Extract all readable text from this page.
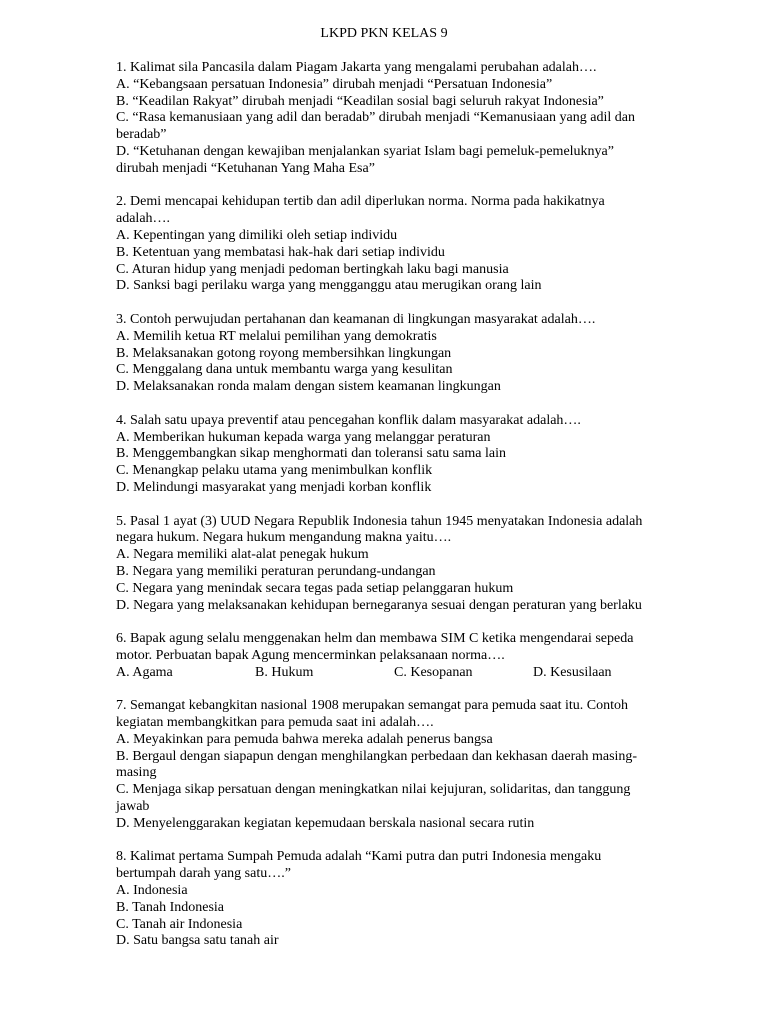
LKPD PKN KELAS 9

1. Kalimat sila Pancasila dalam Piagam Jakarta yang mengalami perubahan adalah….

A. “Kebangsaan persatuan Indonesia” dirubah menjadi “Persatuan Indonesia”

B. “Keadilan Rakyat” dirubah menjadi “Keadilan sosial bagi seluruh rakyat Indonesia”

C. “Rasa kemanusiaan yang adil dan beradab” dirubah menjadi “Kemanusiaan yang adil dan beradab”

D. “Ketuhanan dengan kewajiban menjalankan syariat Islam bagi pemeluk-pemeluknya” dirubah menjadi “Ketuhanan Yang Maha Esa”

2. Demi mencapai kehidupan tertib dan adil diperlukan norma. Norma pada hakikatnya adalah….

A. Kepentingan yang dimiliki oleh setiap individu

B. Ketentuan yang membatasi hak-hak dari setiap individu

C. Aturan hidup yang menjadi pedoman bertingkah laku bagi manusia

D. Sanksi bagi perilaku warga yang mengganggu atau merugikan orang lain

3. Contoh perwujudan pertahanan dan keamanan di lingkungan masyarakat adalah….

A. Memilih ketua RT melalui pemilihan yang demokratis

B. Melaksanakan gotong royong membersihkan lingkungan

C. Menggalang dana untuk membantu warga yang kesulitan

D. Melaksanakan ronda malam dengan sistem keamanan lingkungan

4. Salah satu upaya preventif atau pencegahan konflik dalam masyarakat adalah….

A. Memberikan hukuman kepada warga yang melanggar peraturan

B. Menggembangkan sikap menghormati dan toleransi satu sama lain

C. Menangkap pelaku utama yang menimbulkan konflik

D. Melindungi masyarakat yang menjadi korban konflik

5. Pasal 1 ayat (3) UUD Negara Republik Indonesia tahun 1945 menyatakan Indonesia adalah negara hukum. Negara hukum mengandung makna yaitu….

A. Negara memiliki alat-alat penegak hukum

B. Negara yang memiliki peraturan perundang-undangan

C. Negara yang menindak secara tegas pada setiap pelanggaran hukum

D. Negara yang melaksanakan kehidupan bernegaranya sesuai dengan peraturan yang berlaku

6. Bapak agung selalu menggenakan helm dan membawa SIM C ketika mengendarai sepeda motor. Perbuatan bapak Agung mencerminkan pelaksanaan norma….

A. Agama	B. Hukum	C. Kesopanan	D. Kesusilaan

7. Semangat kebangkitan nasional 1908 merupakan semangat para pemuda saat itu. Contoh kegiatan membangkitkan para pemuda saat ini adalah….

A. Meyakinkan para pemuda bahwa mereka adalah penerus bangsa

B. Bergaul dengan siapapun dengan menghilangkan perbedaan dan kekhasan daerah masing-masing

C. Menjaga sikap persatuan dengan meningkatkan nilai kejujuran, solidaritas, dan tanggung jawab

D. Menyelenggarakan kegiatan kepemudaan berskala nasional secara rutin

8. Kalimat pertama Sumpah Pemuda adalah “Kami putra dan putri Indonesia mengaku bertumpah darah yang satu….”

A. Indonesia

B. Tanah Indonesia

C. Tanah air Indonesia

D. Satu bangsa satu tanah air
